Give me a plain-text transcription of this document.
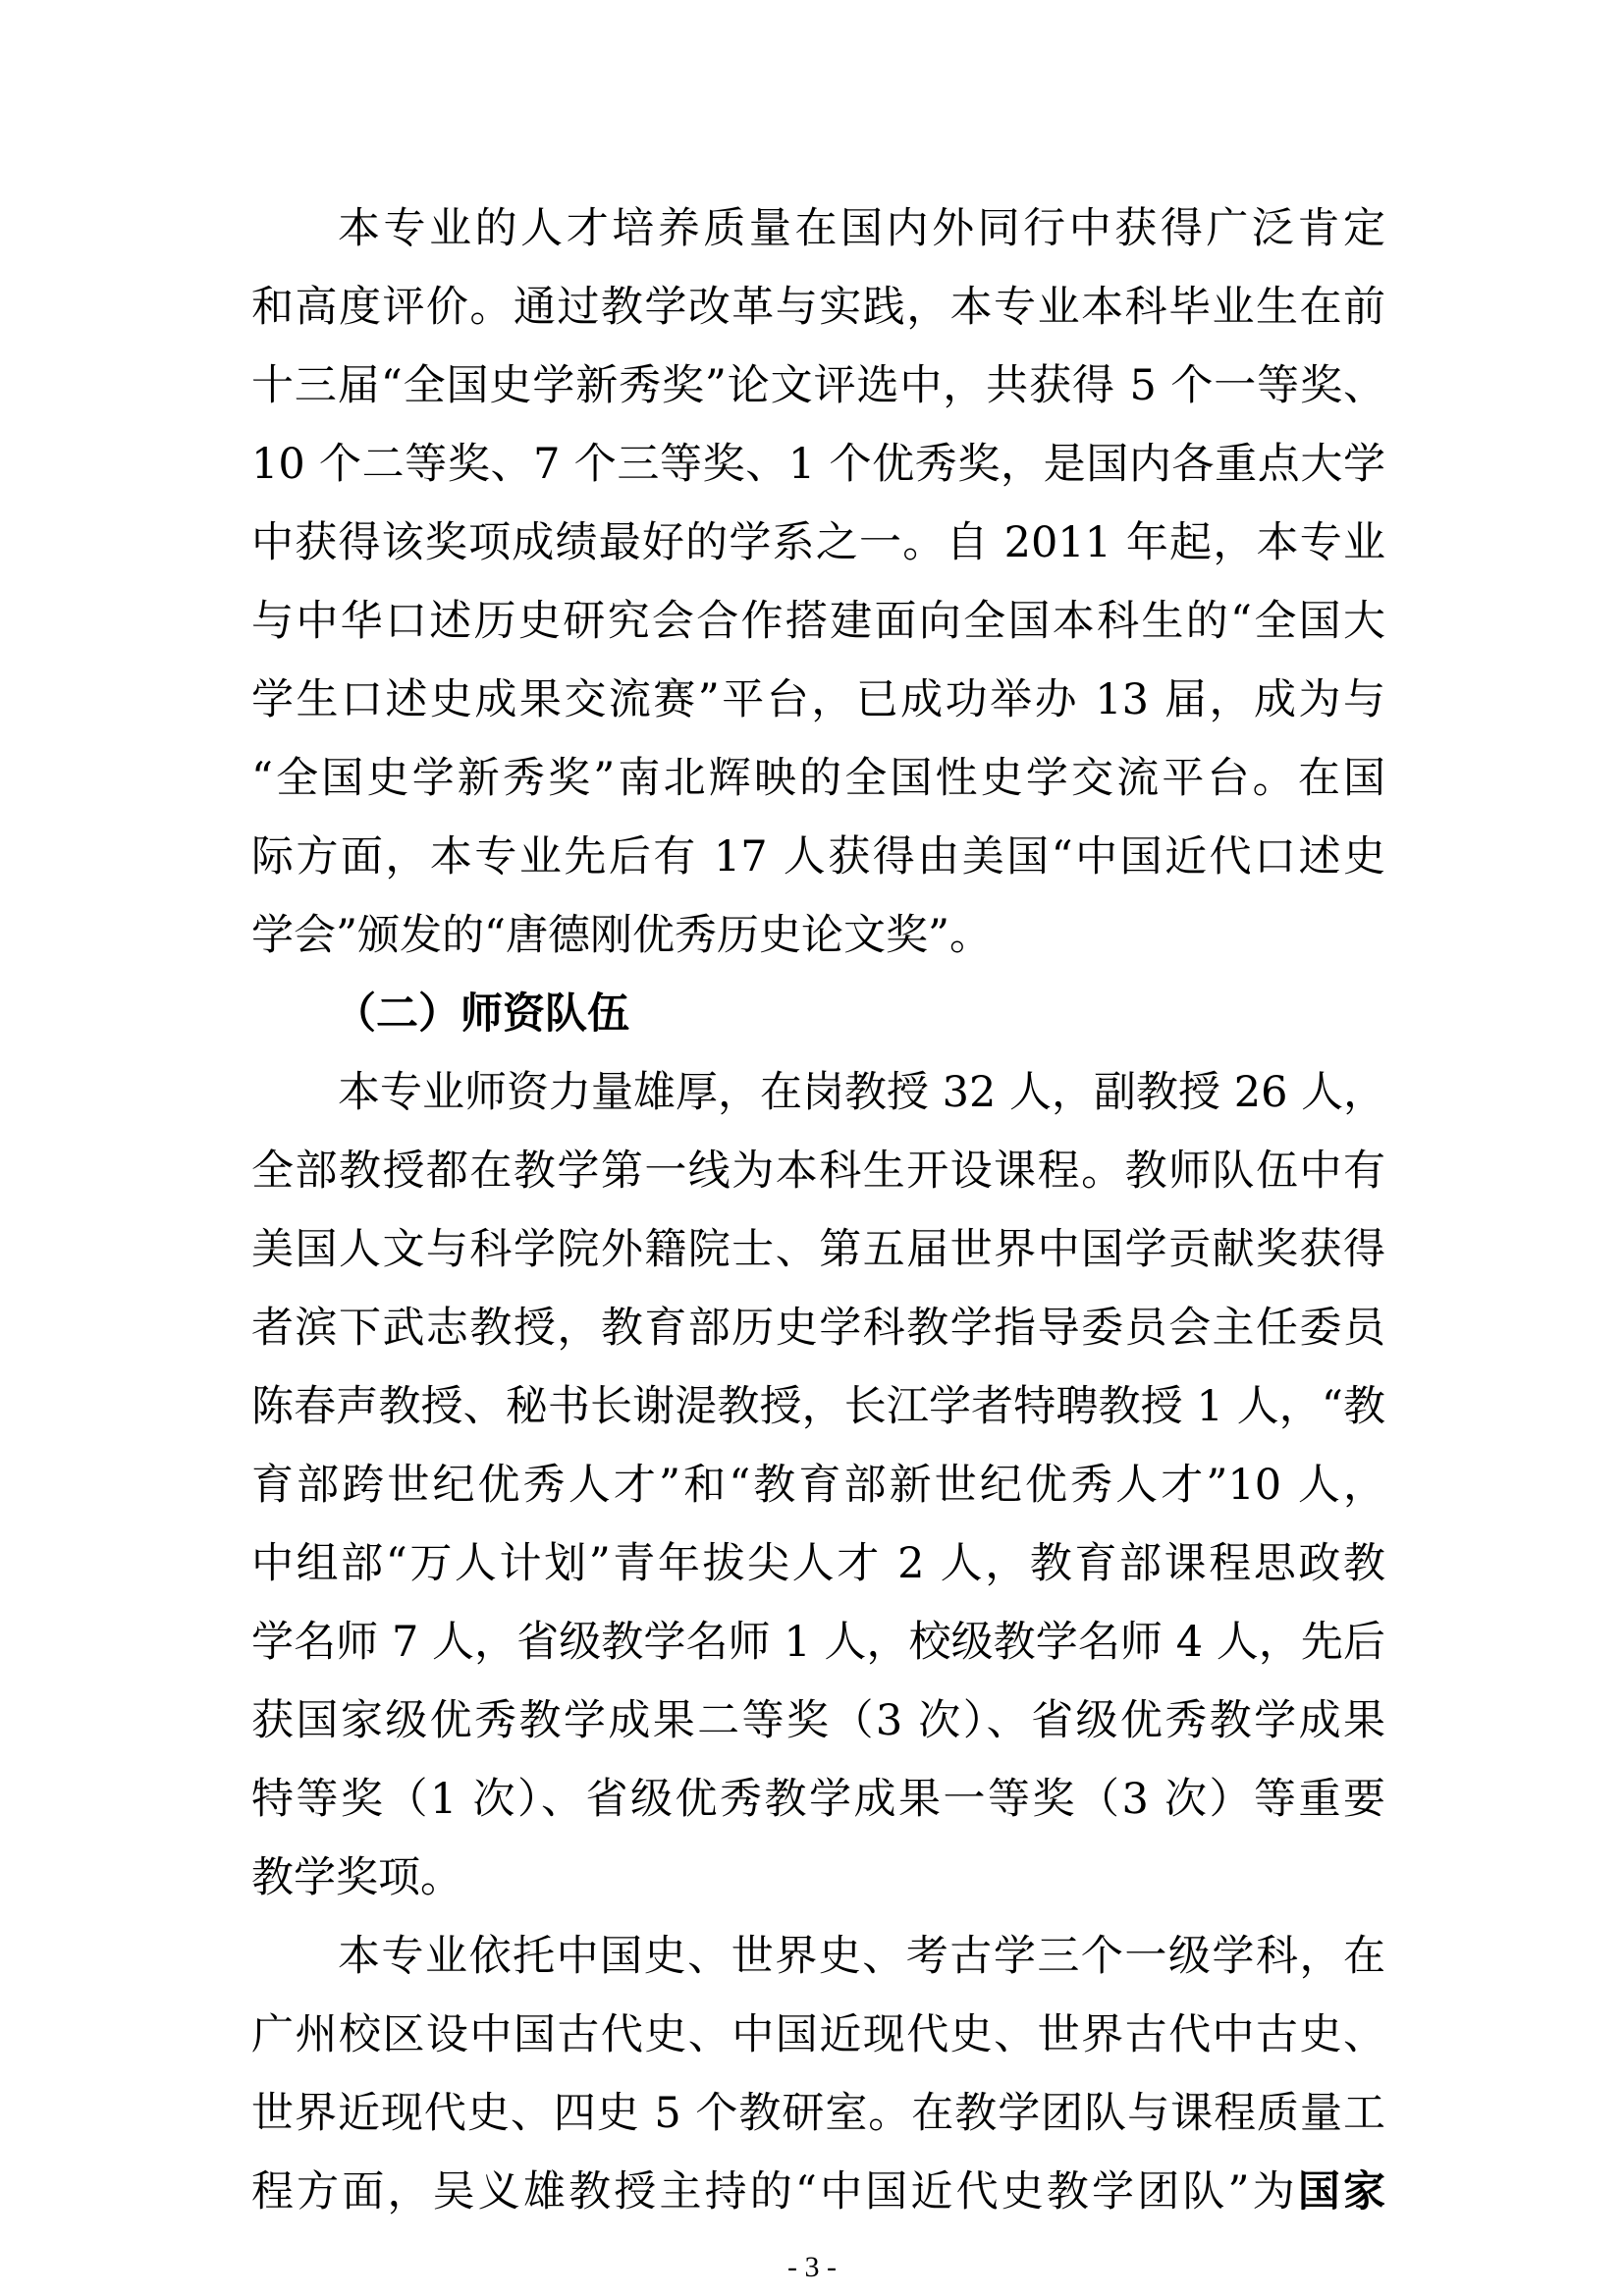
本专业的人才培养质量在国内外同行中获得广泛肯定
和高度评价。通过教学改革与实践，本专业本科毕业生在前
十三届“全国史学新秀奖”论文评选中，共获得 5 个一等奖、
10 个二等奖、7 个三等奖、1 个优秀奖，是国内各重点大学
中获得该奖项成绩最好的学系之一。自 2011 年起，本专业
与中华口述历史研究会合作搭建面向全国本科生的“全国大
学生口述史成果交流赛”平台，已成功举办 13 届，成为与
“全国史学新秀奖”南北辉映的全国性史学交流平台。在国
际方面，本专业先后有 17 人获得由美国“中国近代口述史
学会”颁发的“唐德刚优秀历史论文奖”。
（二）师资队伍
本专业师资力量雄厚，在岗教授 32 人，副教授 26 人，
全部教授都在教学第一线为本科生开设课程。教师队伍中有
美国人文与科学院外籍院士、第五届世界中国学贡献奖获得
者滨下武志教授，教育部历史学科教学指导委员会主任委员
陈春声教授、秘书长谢湜教授，长江学者特聘教授 1 人，“教
育部跨世纪优秀人才”和“教育部新世纪优秀人才”10 人，
中组部“万人计划”青年拔尖人才 2 人，教育部课程思政教
学名师 7 人，省级教学名师 1 人，校级教学名师 4 人，先后
获国家级优秀教学成果二等奖（3 次）、省级优秀教学成果
特等奖（1 次）、省级优秀教学成果一等奖（3 次）等重要
教学奖项。
本专业依托中国史、世界史、考古学三个一级学科，在
广州校区设中国古代史、中国近现代史、世界古代中古史、
世界近现代史、四史 5 个教研室。在教学团队与课程质量工
程方面，吴义雄教授主持的“中国近代史教学团队”为国家
- 3 -
